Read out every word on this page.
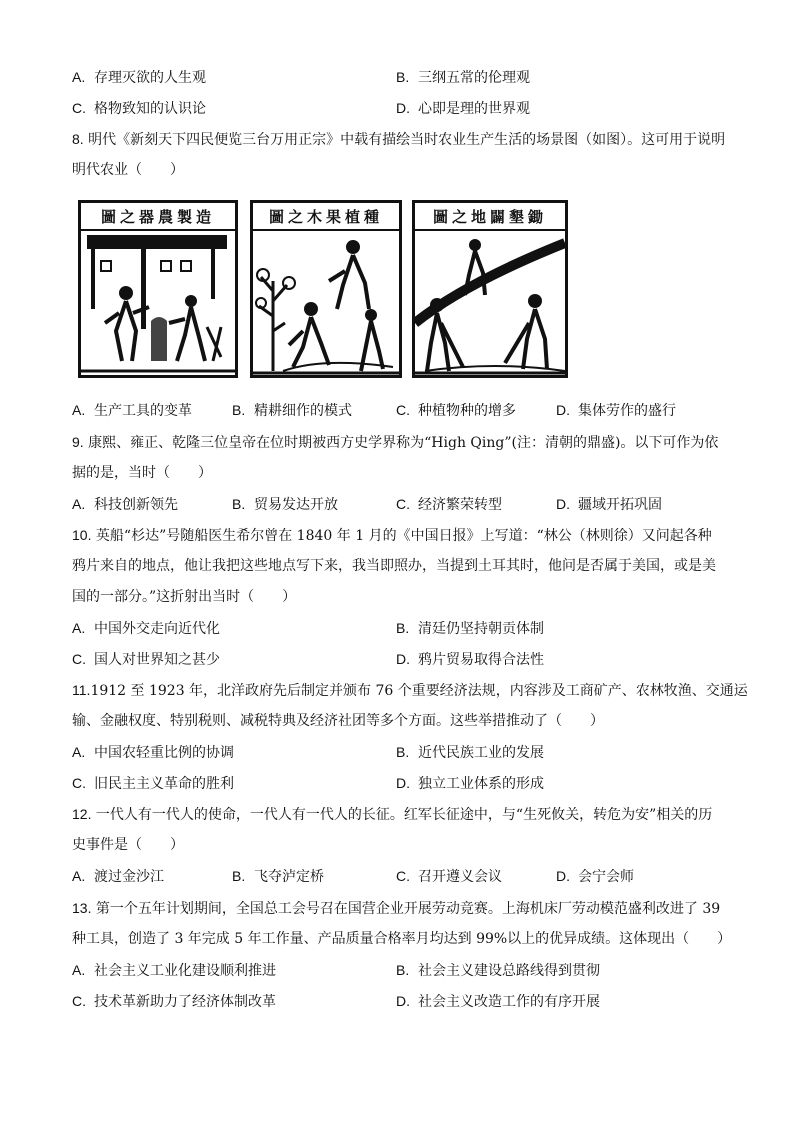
A. 存理灭欲的人生观	B. 三纲五常的伦理观
C. 格物致知的认识论	D. 心即是理的世界观
8. 明代《新刻天下四民便览三台万用正宗》中载有描绘当时农业生产生活的场景图（如图）。这可用于说明
明代农业（　　）
圖之器農製造	圖之木果植種	圖之地闢墾鋤
A. 生产工具的变革	B. 精耕细作的模式	C. 种植物种的增多	D. 集体劳作的盛行
9. 康熙、雍正、乾隆三位皇帝在位时期被西方史学界称为“High Qing”(注：清朝的鼎盛)。以下可作为依
据的是，当时（　　）
A. 科技创新领先	B. 贸易发达开放	C. 经济繁荣转型	D. 疆域开拓巩固
10. 英船“杉达”号随船医生希尔曾在 1840 年 1 月的《中国日报》上写道：“林公（林则徐）又问起各种
鸦片来自的地点，他让我把这些地点写下来，我当即照办，当提到土耳其时，他问是否属于美国，或是美
国的一部分。”这折射出当时（　　）
A. 中国外交走向近代化	B. 清廷仍坚持朝贡体制
C. 国人对世界知之甚少	D. 鸦片贸易取得合法性
11.1912 至 1923 年，北洋政府先后制定并颁布 76 个重要经济法规，内容涉及工商矿产、农林牧渔、交通运
输、金融权度、特别税则、减税特典及经济社团等多个方面。这些举措推动了（　　）
A. 中国农轻重比例的协调	B. 近代民族工业的发展
C. 旧民主主义革命的胜利	D. 独立工业体系的形成
12. 一代人有一代人的使命，一代人有一代人的长征。红军长征途中，与“生死攸关，转危为安”相关的历
史事件是（　　）
A. 渡过金沙江	B. 飞夺泸定桥	C. 召开遵义会议	D. 会宁会师
13. 第一个五年计划期间，全国总工会号召在国营企业开展劳动竞赛。上海机床厂劳动模范盛利改进了 39
种工具，创造了 3 年完成 5 年工作量、产品质量合格率月均达到 99%以上的优异成绩。这体现出（　　）
A. 社会主义工业化建设顺利推进	B. 社会主义建设总路线得到贯彻
C. 技术革新助力了经济体制改革	D. 社会主义改造工作的有序开展
